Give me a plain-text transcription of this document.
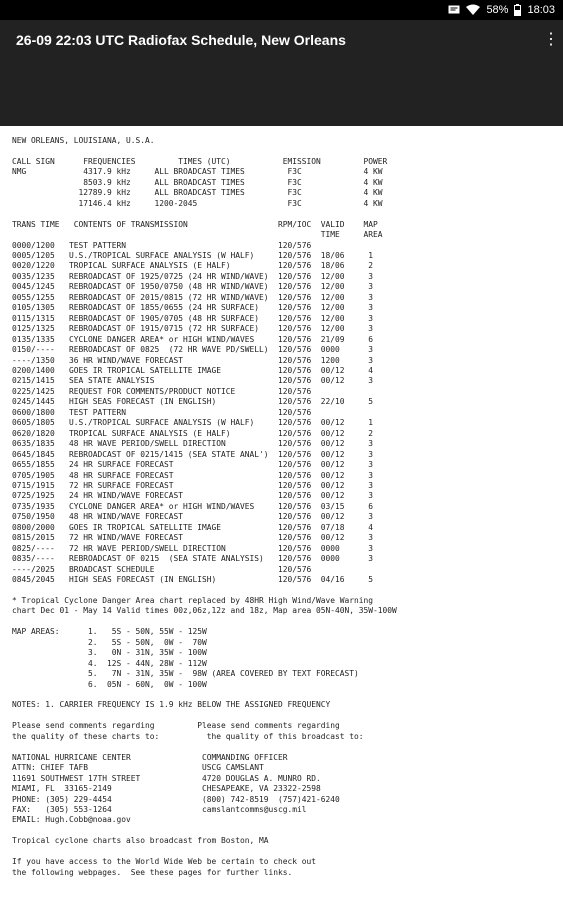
58% 18:03
26-09 22:03 UTC Radiofax Schedule, New Orleans	⋮
NEW ORLEANS, LOUISIANA, U.S.A.

CALL SIGN      FREQUENCIES         TIMES (UTC)           EMISSION         POWER
NMG            4317.9 kHz     ALL BROADCAST TIMES         F3C             4 KW
8503.9 kHz     ALL BROADCAST TIMES         F3C             4 KW
12789.9 kHz     ALL BROADCAST TIMES         F3C             4 KW
17146.4 kHz     1200-2045                   F3C             4 KW

TRANS TIME   CONTENTS OF TRANSMISSION                   RPM/IOC  VALID    MAP
TIME     AREA
0000/1200   TEST PATTERN                                120/576
0005/1205   U.S./TROPICAL SURFACE ANALYSIS (W HALF)     120/576  18/06     1
0020/1220   TROPICAL SURFACE ANALYSIS (E HALF)          120/576  18/06     2
0035/1235   REBROADCAST OF 1925/0725 (24 HR WIND/WAVE)  120/576  12/00     3
0045/1245   REBROADCAST OF 1950/0750 (48 HR WIND/WAVE)  120/576  12/00     3
0055/1255   REBROADCAST OF 2015/0815 (72 HR WIND/WAVE)  120/576  12/00     3
0105/1305   REBROADCAST OF 1855/0655 (24 HR SURFACE)    120/576  12/00     3
0115/1315   REBROADCAST OF 1905/0705 (48 HR SURFACE)    120/576  12/00     3
0125/1325   REBROADCAST OF 1915/0715 (72 HR SURFACE)    120/576  12/00     3
0135/1335   CYCLONE DANGER AREA* or HIGH WIND/WAVES     120/576  21/09     6
0150/----   REBROADCAST OF 0825  (72 HR WAVE PD/SWELL)  120/576  0000      3
----/1350   36 HR WIND/WAVE FORECAST                    120/576  1200      3
0200/1400   GOES IR TROPICAL SATELLITE IMAGE            120/576  00/12     4
0215/1415   SEA STATE ANALYSIS                          120/576  00/12     3
0225/1425   REQUEST FOR COMMENTS/PRODUCT NOTICE         120/576
0245/1445   HIGH SEAS FORECAST (IN ENGLISH)             120/576  22/10     5
0600/1800   TEST PATTERN                                120/576
0605/1805   U.S./TROPICAL SURFACE ANALYSIS (W HALF)     120/576  00/12     1
0620/1820   TROPICAL SURFACE ANALYSIS (E HALF)          120/576  00/12     2
0635/1835   48 HR WAVE PERIOD/SWELL DIRECTION           120/576  00/12     3
0645/1845   REBROADCAST OF 0215/1415 (SEA STATE ANAL')  120/576  00/12     3
0655/1855   24 HR SURFACE FORECAST                      120/576  00/12     3
0705/1905   48 HR SURFACE FORECAST                      120/576  00/12     3
0715/1915   72 HR SURFACE FORECAST                      120/576  00/12     3
0725/1925   24 HR WIND/WAVE FORECAST                    120/576  00/12     3
0735/1935   CYCLONE DANGER AREA* or HIGH WIND/WAVES     120/576  03/15     6
0750/1950   48 HR WIND/WAVE FORECAST                    120/576  00/12     3
0800/2000   GOES IR TROPICAL SATELLITE IMAGE            120/576  07/18     4
0815/2015   72 HR WIND/WAVE FORECAST                    120/576  00/12     3
0825/----   72 HR WAVE PERIOD/SWELL DIRECTION           120/576  0000      3
0835/----   REBROADCAST OF 0215  (SEA STATE ANALYSIS)   120/576  0000      3
----/2025   BROADCAST SCHEDULE                          120/576
0845/2045   HIGH SEAS FORECAST (IN ENGLISH)             120/576  04/16     5

* Tropical Cyclone Danger Area chart replaced by 48HR High Wind/Wave Warning
chart Dec 01 - May 14 Valid times 00z,06z,12z and 18z, Map area 05N-40N, 35W-100W

MAP AREAS:      1.   5S - 50N, 55W - 125W
2.   5S - 50N,  0W -  70W
3.   0N - 31N, 35W - 100W
4.  12S - 44N, 28W - 112W
5.   7N - 31N, 35W -  98W (AREA COVERED BY TEXT FORECAST)
6.  05N - 60N,  0W - 100W

NOTES: 1. CARRIER FREQUENCY IS 1.9 kHz BELOW THE ASSIGNED FREQUENCY

Please send comments regarding         Please send comments regarding
the quality of these charts to:          the quality of this broadcast to:

NATIONAL HURRICANE CENTER               COMMANDING OFFICER
ATTN: CHIEF TAFB                        USCG CAMSLANT
11691 SOUTHWEST 17TH STREET             4720 DOUGLAS A. MUNRO RD.
MIAMI, FL  33165-2149                   CHESAPEAKE, VA 23322-2598
PHONE: (305) 229-4454                   (800) 742-8519  (757)421-6240
FAX:   (305) 553-1264                   camslantcomms@uscg.mil
EMAIL: Hugh.Cobb@noaa.gov

Tropical cyclone charts also broadcast from Boston, MA

If you have access to the World Wide Web be certain to check out
the following webpages.  See these pages for further links.
